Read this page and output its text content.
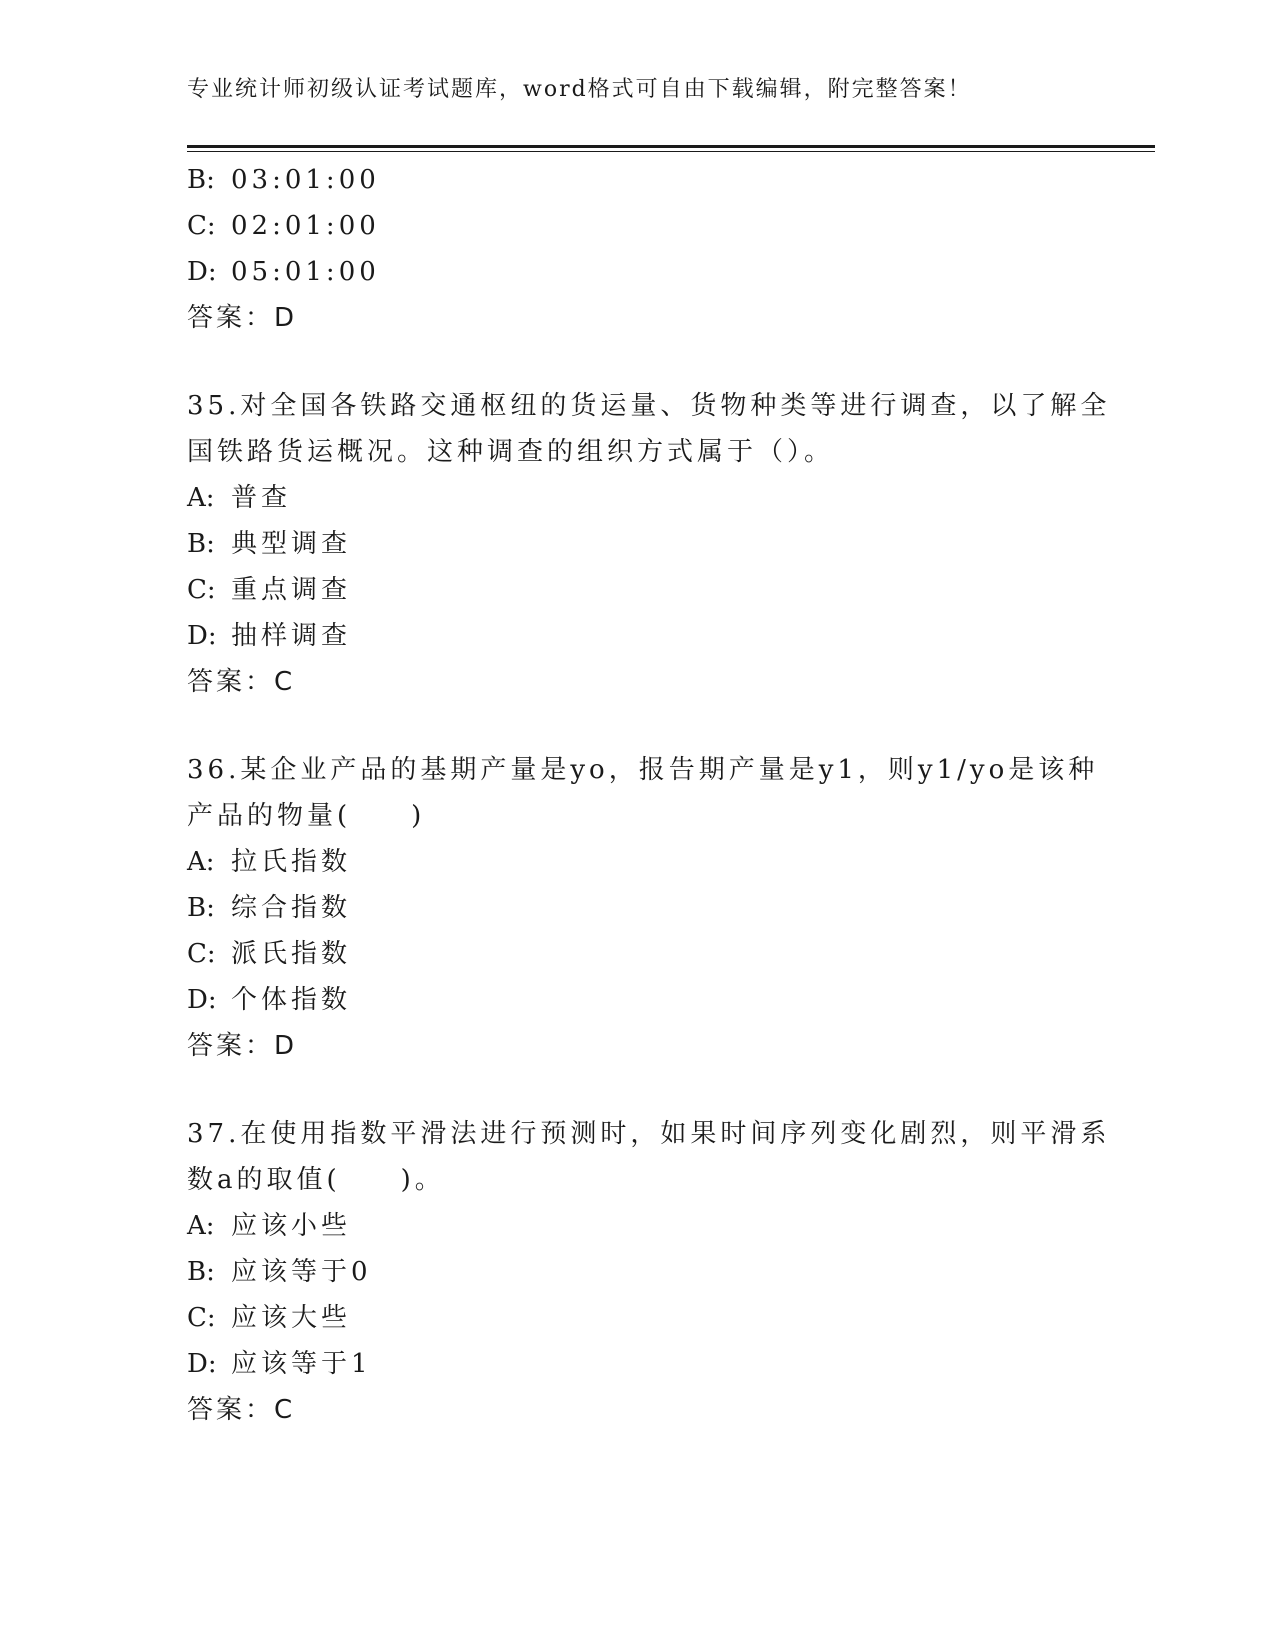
专业统计师初级认证考试题库，word格式可自由下载编辑，附完整答案！
B: 03:01:00
C: 02:01:00
D: 05:01:00
答案：D
35.对全国各铁路交通枢纽的货运量、货物种类等进行调查，以了解全
国铁路货运概况。这种调查的组织方式属于（）。
A: 普查
B: 典型调查
C: 重点调查
D: 抽样调查
答案：C
36.某企业产品的基期产量是yo，报告期产量是y1，则y1/yo是该种
产品的物量(　　)
A: 拉氏指数
B: 综合指数
C: 派氏指数
D: 个体指数
答案：D
37.在使用指数平滑法进行预测时，如果时间序列变化剧烈，则平滑系
数a的取值(　　)。
A: 应该小些
B: 应该等于0
C: 应该大些
D: 应该等于1
答案：C
